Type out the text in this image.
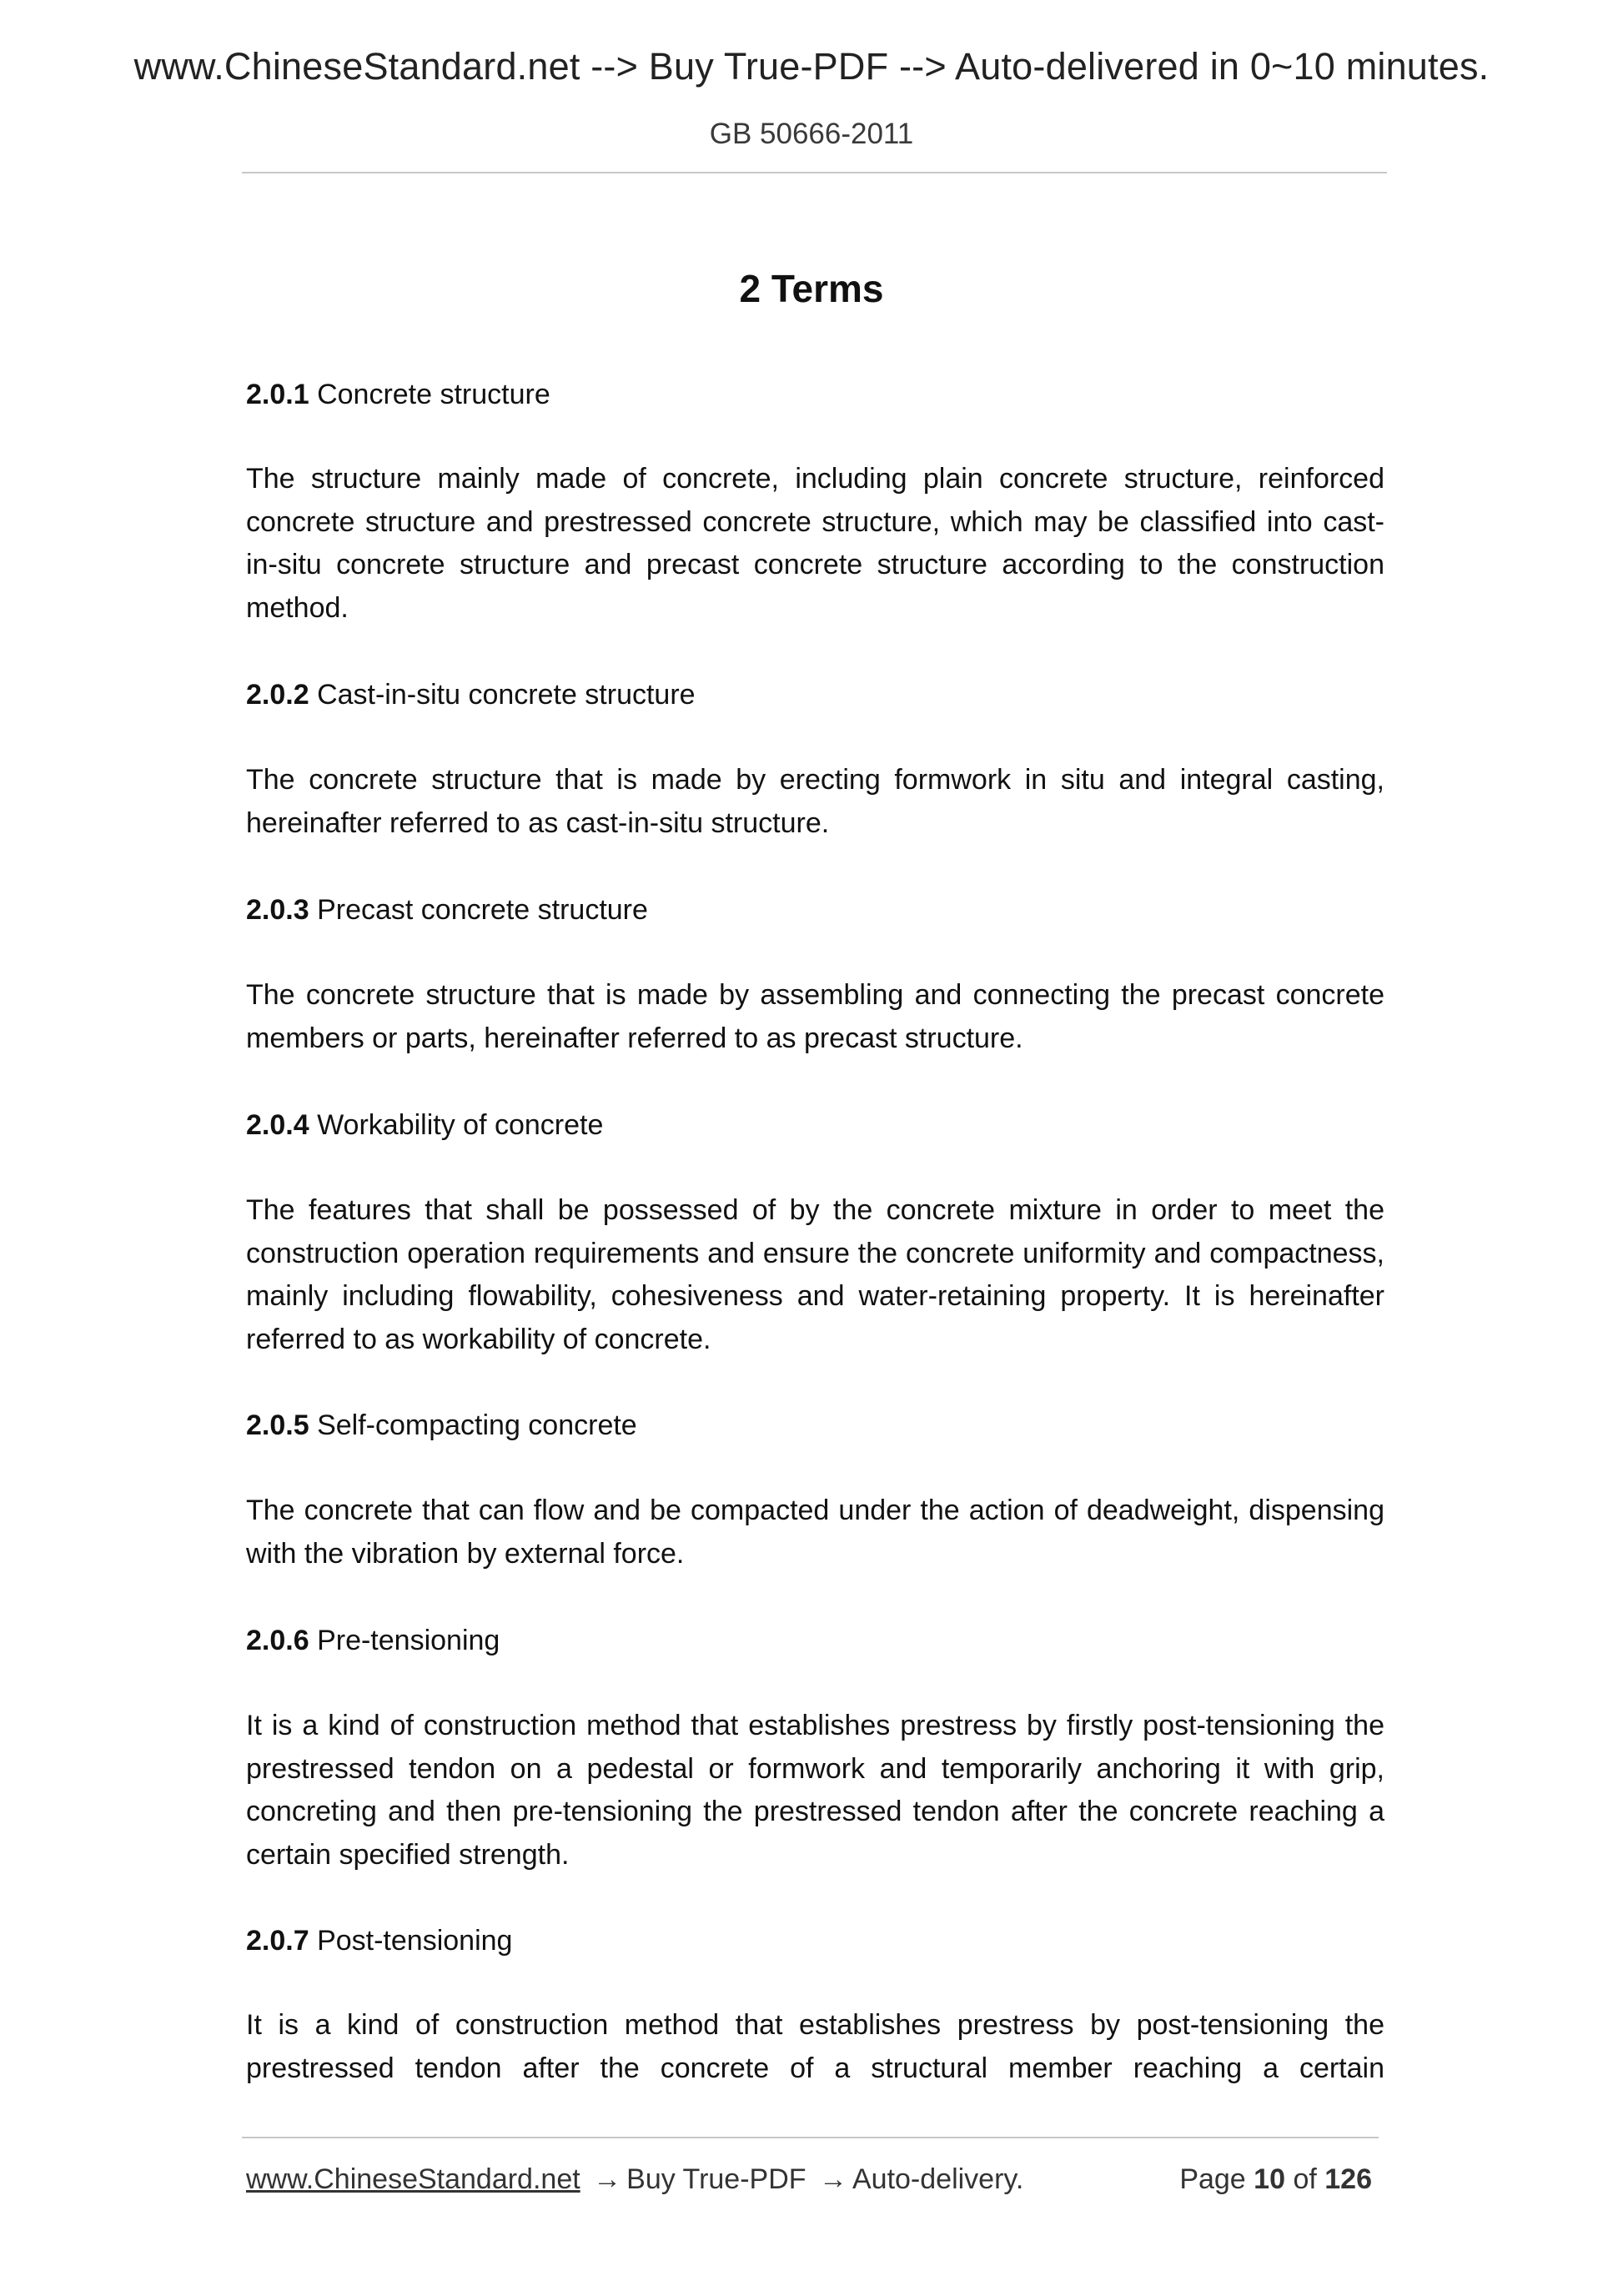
www.ChineseStandard.net --> Buy True-PDF --> Auto-delivered in 0~10 minutes.
GB 50666-2011
2 Terms
2.0.1 Concrete structure
The structure mainly made of concrete, including plain concrete structure, reinforced concrete structure and prestressed concrete structure, which may be classified into cast-in-situ concrete structure and precast concrete structure according to the construction method.
2.0.2 Cast-in-situ concrete structure
The concrete structure that is made by erecting formwork in situ and integral casting, hereinafter referred to as cast-in-situ structure.
2.0.3 Precast concrete structure
The concrete structure that is made by assembling and connecting the precast concrete members or parts, hereinafter referred to as precast structure.
2.0.4 Workability of concrete
The features that shall be possessed of by the concrete mixture in order to meet the construction operation requirements and ensure the concrete uniformity and compactness, mainly including flowability, cohesiveness and water-retaining property. It is hereinafter referred to as workability of concrete.
2.0.5 Self-compacting concrete
The concrete that can flow and be compacted under the action of deadweight, dispensing with the vibration by external force.
2.0.6 Pre-tensioning
It is a kind of construction method that establishes prestress by firstly post-tensioning the prestressed tendon on a pedestal or formwork and temporarily anchoring it with grip, concreting and then pre-tensioning the prestressed tendon after the concrete reaching a certain specified strength.
2.0.7 Post-tensioning
It is a kind of construction method that establishes prestress by post-tensioning the prestressed tendon after the concrete of a structural member reaching a certain
www.ChineseStandard.net → Buy True-PDF → Auto-delivery.	Page 10 of 126
